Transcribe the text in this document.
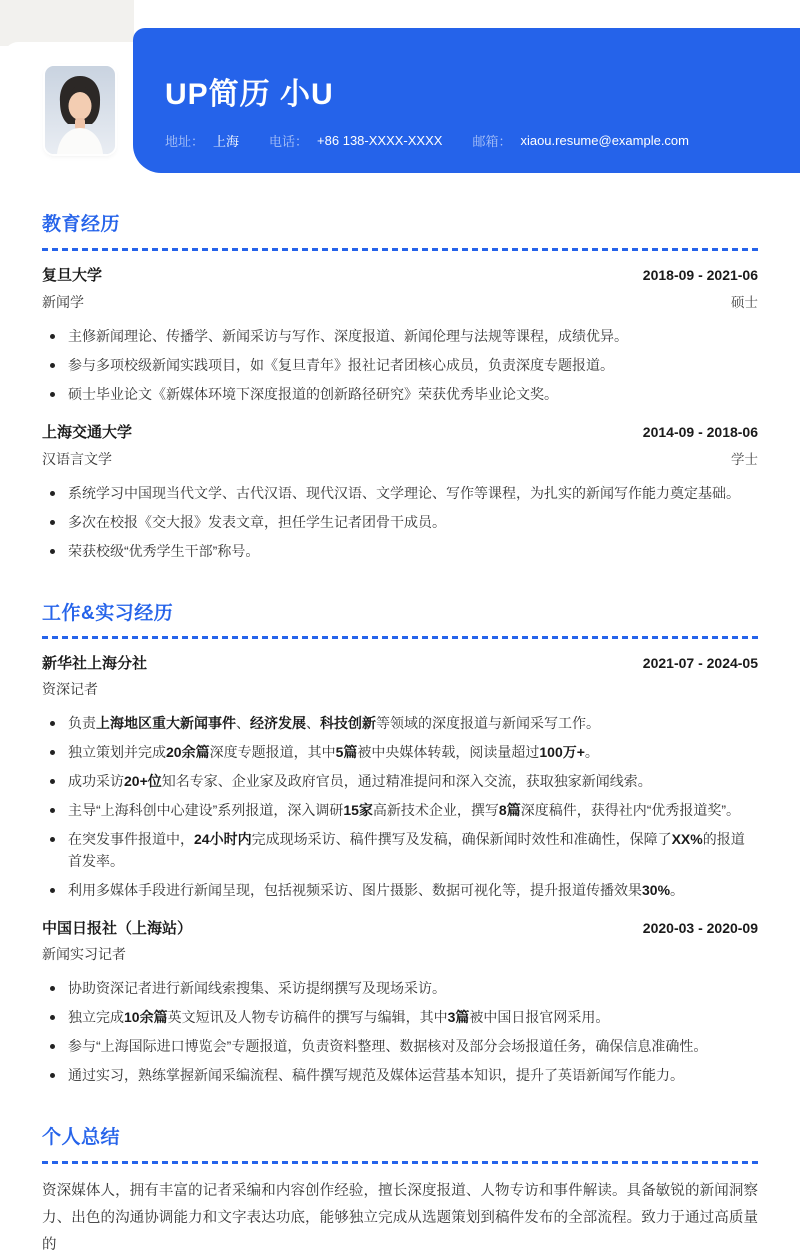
UP简历 小U
地址： 上海 电话： +86 138-XXXX-XXXX 邮箱： xiaou.resume@example.com
教育经历
复旦大学	2018-09 - 2021-06
新闻学	硕士
主修新闻理论、传播学、新闻采访与写作、深度报道、新闻伦理与法规等课程，成绩优异。
参与多项校级新闻实践项目，如《复旦青年》报社记者团核心成员，负责深度专题报道。
硕士毕业论文《新媒体环境下深度报道的创新路径研究》荣获优秀毕业论文奖。
上海交通大学	2014-09 - 2018-06
汉语言文学	学士
系统学习中国现当代文学、古代汉语、现代汉语、文学理论、写作等课程，为扎实的新闻写作能力奠定基础。
多次在校报《交大报》发表文章，担任学生记者团骨干成员。
荣获校级“优秀学生干部”称号。
工作&实习经历
新华社上海分社	2021-07 - 2024-05
资深记者
负责上海地区重大新闻事件、经济发展、科技创新等领域的深度报道与新闻采写工作。
独立策划并完成20余篇深度专题报道，其中5篇被中央媒体转载，阅读量超过100万+。
成功采访20+位知名专家、企业家及政府官员，通过精准提问和深入交流，获取独家新闻线索。
主导“上海科创中心建设”系列报道，深入调研15家高新技术企业，撰写8篇深度稿件，获得社内“优秀报道奖”。
在突发事件报道中，24小时内完成现场采访、稿件撰写及发稿，确保新闻时效性和准确性，保障了XX%的报道首发率。
利用多媒体手段进行新闻呈现，包括视频采访、图片摄影、数据可视化等，提升报道传播效果30%。
中国日报社（上海站）	2020-03 - 2020-09
新闻实习记者
协助资深记者进行新闻线索搜集、采访提纲撰写及现场采访。
独立完成10余篇英文短讯及人物专访稿件的撰写与编辑，其中3篇被中国日报官网采用。
参与“上海国际进口博览会”专题报道，负责资料整理、数据核对及部分会场报道任务，确保信息准确性。
通过实习，熟练掌握新闻采编流程、稿件撰写规范及媒体运营基本知识，提升了英语新闻写作能力。
个人总结

资深媒体人，拥有丰富的记者采编和内容创作经验，擅长深度报道、人物专访和事件解读。具备敏锐的新闻洞察力、出色的沟通协调能力和文字表达功底，能够独立完成从选题策划到稿件发布的全部流程。致力于通过高质量的
